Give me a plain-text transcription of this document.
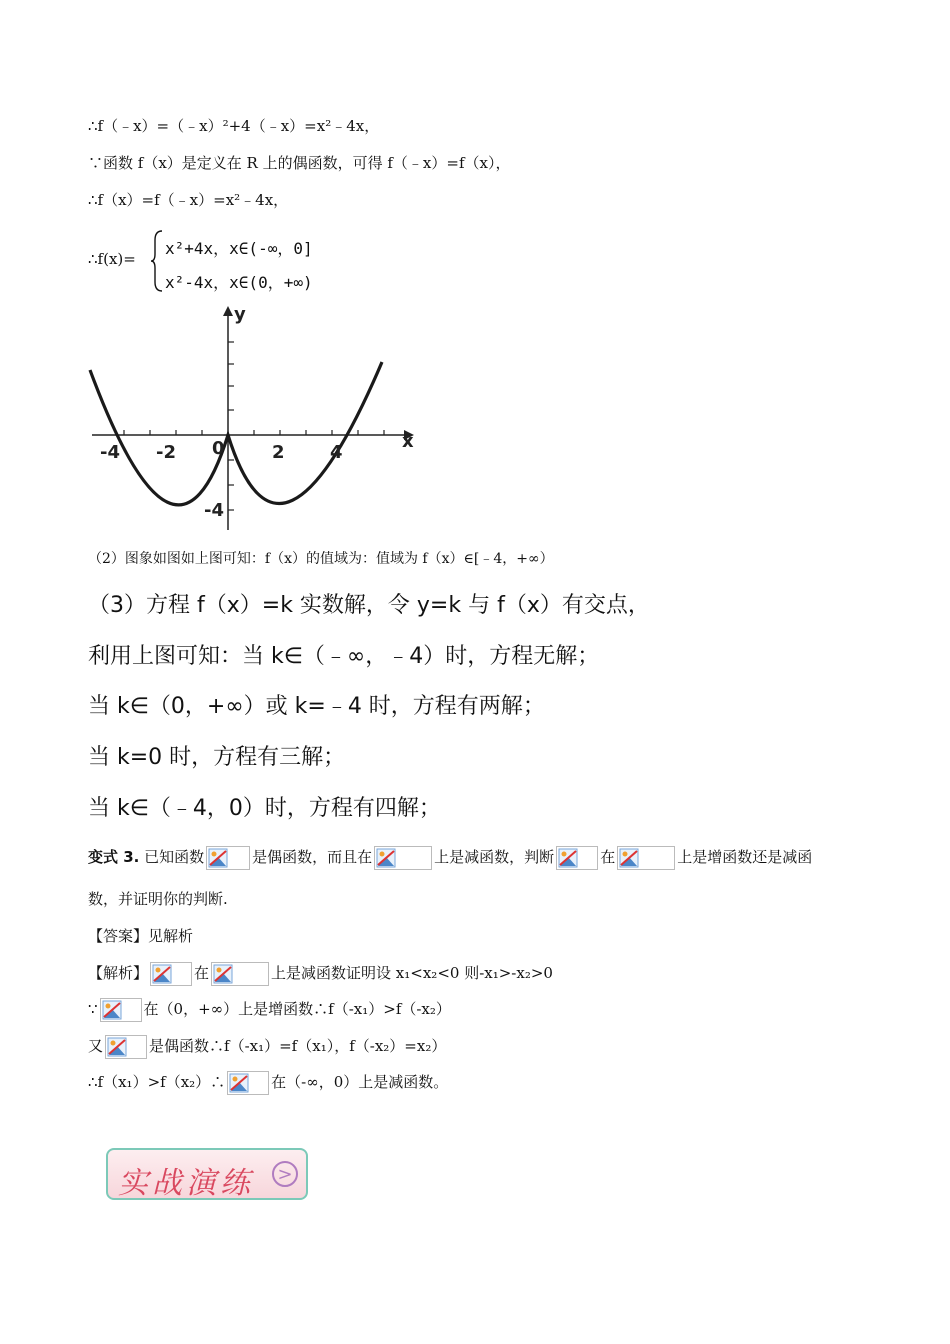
∴f（﹣x）=（﹣x）²+4（﹣x）=x²﹣4x，
∵函数 f（x）是定义在 R 上的偶函数，可得 f（﹣x）=f（x），
∴f（x）=f（﹣x）=x²﹣4x，
∴f(x)=
x²+4x，x∈(-∞，0]
x²-4x，x∈(0，+∞)
x
y
-4 -2 0	2	4
-4
（2）图象如图如上图可知：f（x）的值域为：值域为 f（x）∈[﹣4，+∞）
（3）方程 f（x）=k 实数解，令 y=k 与 f（x）有交点，
利用上图可知：当 k∈（﹣∞，﹣4）时，方程无解；
当 k∈（0，+∞）或 k=﹣4 时，方程有两解；
当 k=0 时，方程有三解；
当 k∈（﹣4，0）时，方程有四解；
变式 3. 已知函数	是偶函数，而且在	上是减函数，判断	在	上是增函数还是减函
数，并证明你的判断.
【答案】见解析
【解析】	在	上是减函数证明设 x₁<x₂<0 则-x₁>-x₂>0
∵	在（0，+∞）上是增函数∴f（-x₁）>f（-x₂）
又	是偶函数∴f（-x₁）=f（x₁），f（-x₂）=x₂）
∴f（x₁）>f（x₂）∴	在（-∞，0）上是减函数。
实战演练	>
